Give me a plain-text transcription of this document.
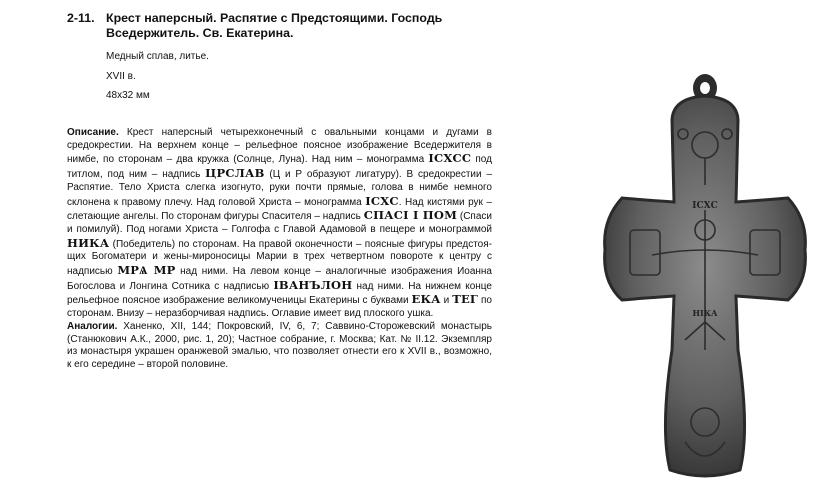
2-11. Крест наперсный. Распятие с Предстоящими. Господь Вседержитель. Св. Екатерина.
Медный сплав, литье.
XVII в.
48х32 мм

Описание. Крест наперсный четырехконечный с овальными концами и дугами в средокрестии. На верхнем конце – рельефное поясное изображение Вседержителя в нимбе, по сторонам – два кружка (Солнце, Луна). Над ним – монограмма ІСХСС под титлом, под ним – надпись ЦРСЛАВ (Ц и Р образуют лигатуру). В средокрестии – Распятие. Тело Христа слегка изогнуто, руки почти прямые, голова в нимбе немного склонена к правому плечу. Над головой Христа – монограмма ІСХС. Над кистями рук – слетающие ангелы. По сторонам фигуры Спасителя – надпись СПАСІ І ПОМ (Спаси и помилуй). Под ногами Христа – Голгофа с Главой Адамовой в пещере и монограммой НИКА (Победитель) по сторонам. На правой оконечности – поясные фигуры предстоящих Богоматери и жены-мироносицы Марии в трех четвертном повороте к центру с надписью МРѦ МР над ними. На левом конце – аналогичные изображения Иоанна Богослова и Лонгина Сотника с надписью ІВАНЪЛОН над ними. На нижнем конце рельефное поясное изображение великомученицы Екатерины с буквами ЕКА и ТЕГ по сторонам. Внизу – неразборчивая надпись. Оглавие имеет вид плоского ушка.

Аналогии. Ханенко, XII, 144; Покровский, IV, 6, 7; Саввино-Сторожевский монастырь (Станюкович А.К., 2000, рис. 1, 20); Частное собрание, г. Москва; Кат. № II.12. Экземпляр из монастыря украшен оранжевой эмалью, что позволяет отнести его к XVII в., возможно, к его середине – второй половине.

ІСХС
НІКА
